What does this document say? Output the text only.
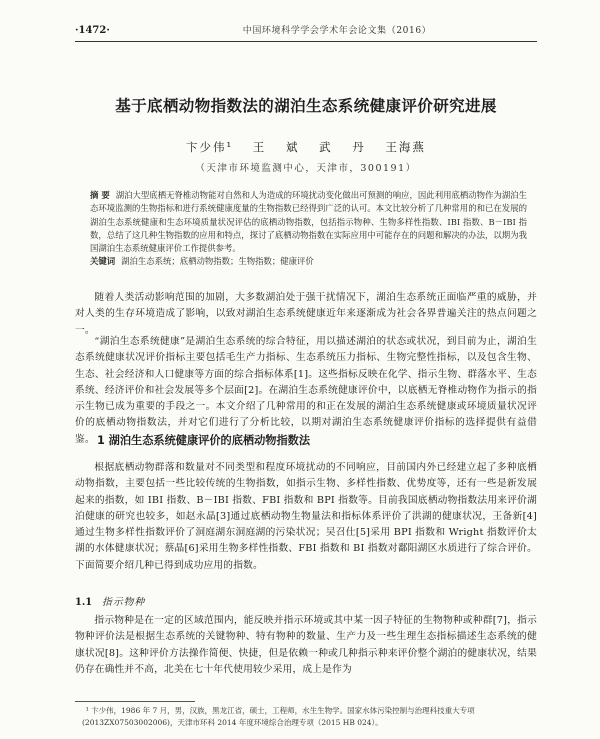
·1472·	中国环境科学学会学术年会论文集（2016）
基于底栖动物指数法的湖泊生态系统健康评价研究进展
卞少伟¹ 王 斌 武 丹 王海燕
（天津市环境监测中心，天津市，300191）
摘 要 湖泊大型底栖无脊椎动物能对自然和人为造成的环境扰动变化做出可预测的响应，因此利用底栖动物作为湖泊生态环境监测的生物指标和进行系统健康度量的生物指数已经得到广泛的认可。本文比较分析了几种常用的和已在发展的湖泊生态系统健康和生态环境质量状况评估的底栖动物指数，包括指示物种、生物多样性指数、IBI 指数、B－IBI 指数，总结了这几种生物指数的应用和特点，探讨了底栖动物指数在实际应用中可能存在的问题和解决的办法，以期为我国湖泊生态系统健康评价工作提供参考。
关键词 湖泊生态系统；底栖动物指数；生物指数；健康评价
随着人类活动影响范围的加剧，大多数湖泊处于强干扰情况下，湖泊生态系统正面临严重的威胁，并对人类的生存环境造成了影响，以致对湖泊生态系统健康近年来逐渐成为社会各界普遍关注的热点问题之一。
“湖泊生态系统健康”是湖泊生态系统的综合特征，用以描述湖泊的状态或状况，到目前为止，湖泊生态系统健康状况评价指标主要包括毛生产力指标、生态系统压力指标、生物完整性指标，以及包含生物、生态、社会经济和人口健康等方面的综合指标体系[1]。这些指标反映在化学、指示生物、群落水平、生态系统、经济评价和社会发展等多个层面[2]。在湖泊生态系统健康评价中，以底栖无脊椎动物作为指示的指示生物已成为重要的手段之一。本文介绍了几种常用的和正在发展的湖泊生态系统健康或环境质量状况评价的底栖动物指数法，并对它们进行了分析比较，以期对湖泊生态系统健康评价指标的选择提供有益借鉴。 1 湖泊生态系统健康评价的底栖动物指数法
根据底栖动物群落和数量对不同类型和程度环境扰动的不同响应，目前国内外已经建立起了多种底栖动物指数，主要包括一些比较传统的生物指数，如指示生物、多样性指数、优势度等，还有一些是新发展起来的指数，如 IBI 指数、B－IBI 指数、FBI 指数和 BPI 指数等。目前我国底栖动物指数法用来评价湖泊健康的研究也较多，如赵永晶[3]通过底栖动物生物量法和指标体系评价了洪湖的健康状况，王备新[4]通过生物多样性指数评价了洞庭湖东洞庭湖的污染状况；吴召仕[5]采用 BPI 指数和 Wright 指数评价太湖的水体健康状况；蔡晶[6]采用生物多样性指数、FBI 指数和 BI 指数对鄱阳湖区水质进行了综合评价。下面简要介绍几种已得到成功应用的指数。
1.1 指示物种
指示物种是在一定的区域范围内，能反映并指示环境或其中某一因子特征的生物物种或种群[7]，指示物种评价法是根据生态系统的关键物种、特有物种的数量、生产力及一些生理生态指标描述生态系统的健康状况[8]。这种评价方法操作简便、快捷，但是依赖一种或几种指示种来评价整个湖泊的健康状况，结果仍存在确性并不高，北美在七十年代使用较少采用，成上是作为
¹ 卞少伟，1986 年 7 月，男，汉族，黑龙江省，硕士，工程师，水生生物学。国家水体污染控制与治理科技重大专项(2013ZX07503002006)，天津市环科 2014 年度环境综合治理专项（2015 HB 024）。
